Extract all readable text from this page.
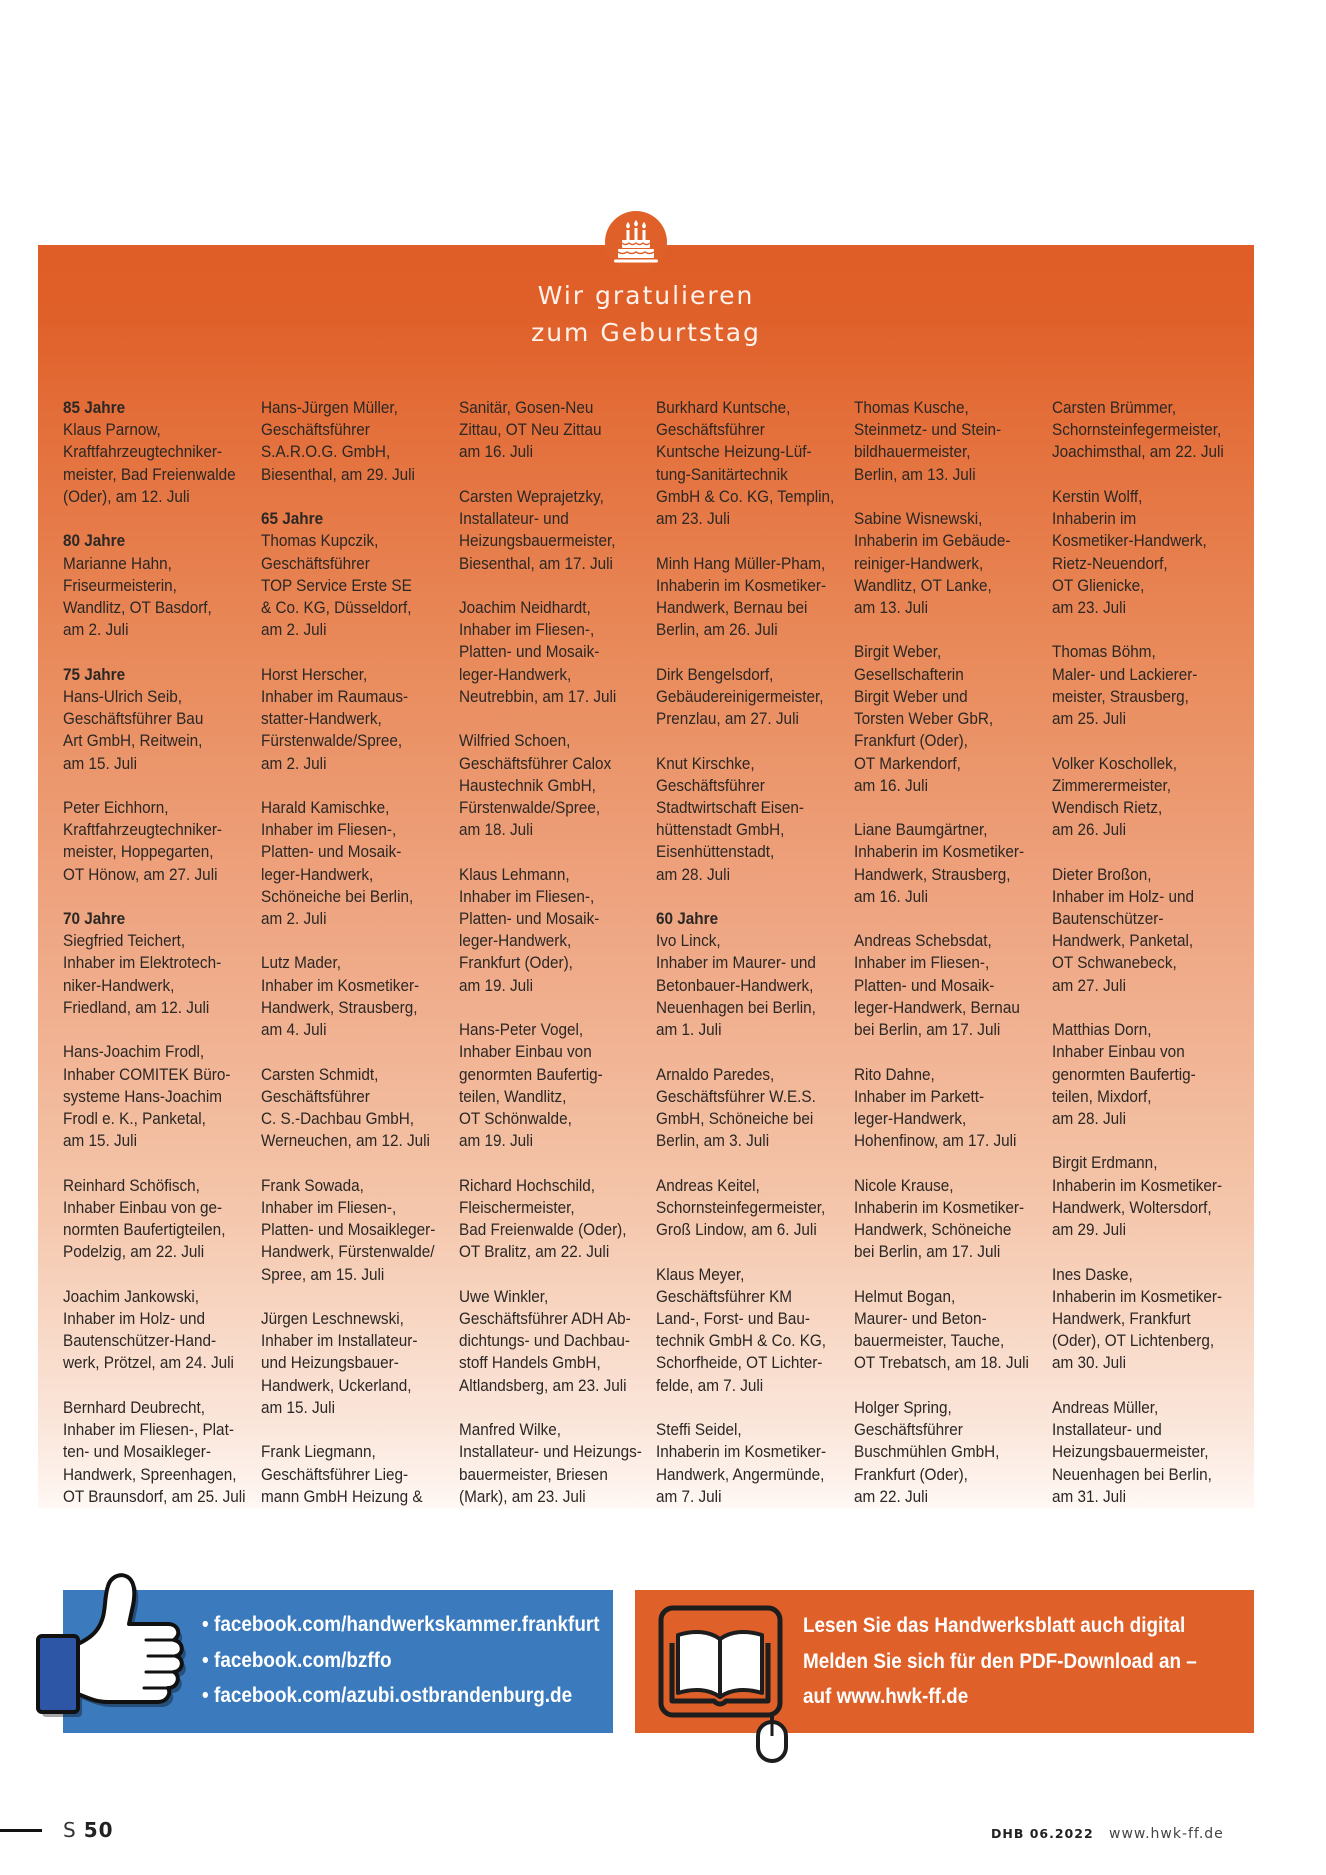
Wir gratulieren
zum Geburtstag
85 Jahre
Klaus Parnow,
Kraftfahrzeugtechniker-
meister, Bad Freienwalde
(Oder), am 12. Juli
80 Jahre
Marianne Hahn,
Friseurmeisterin,
Wandlitz, OT Basdorf,
am 2. Juli
75 Jahre
Hans-Ulrich Seib,
Geschäftsführer Bau
Art GmbH, Reitwein,
am 15. Juli
Peter Eichhorn,
Kraftfahrzeugtechniker-
meister, Hoppegarten,
OT Hönow, am 27. Juli
70 Jahre
Siegfried Teichert,
Inhaber im Elektrotech-
niker-Handwerk,
Friedland, am 12. Juli
Hans-Joachim Frodl,
Inhaber COMITEK Büro-
systeme Hans-Joachim
Frodl e. K., Panketal,
am 15. Juli
Reinhard Schöfisch,
Inhaber Einbau von ge-
normten Baufertigteilen,
Podelzig, am 22. Juli
Joachim Jankowski,
Inhaber im Holz- und
Bautenschützer-Hand-
werk, Prötzel, am 24. Juli
Bernhard Deubrecht,
Inhaber im Fliesen-, Plat-
ten- und Mosaikleger-
Handwerk, Spreenhagen,
OT Braunsdorf, am 25. Juli
Hans-Jürgen Müller,
Geschäftsführer
S.A.R.O.G. GmbH,
Biesenthal, am 29. Juli
65 Jahre
Thomas Kupczik,
Geschäftsführer
TOP Service Erste SE
& Co. KG, Düsseldorf,
am 2. Juli
Horst Herscher,
Inhaber im Raumaus-
statter-Handwerk,
Fürstenwalde/Spree,
am 2. Juli
Harald Kamischke,
Inhaber im Fliesen-,
Platten- und Mosaik-
leger-Handwerk,
Schöneiche bei Berlin,
am 2. Juli
Lutz Mader,
Inhaber im Kosmetiker-
Handwerk, Strausberg,
am 4. Juli
Carsten Schmidt,
Geschäftsführer
C. S.-Dachbau GmbH,
Werneuchen, am 12. Juli
Frank Sowada,
Inhaber im Fliesen-,
Platten- und Mosaikleger-
Handwerk, Fürstenwalde/
Spree, am 15. Juli
Jürgen Leschnewski,
Inhaber im Installateur-
und Heizungsbauer-
Handwerk, Uckerland,
am 15. Juli
Frank Liegmann,
Geschäftsführer Lieg-
mann GmbH Heizung &
Sanitär, Gosen-Neu
Zittau, OT Neu Zittau
am 16. Juli
Carsten Weprajetzky,
Installateur- und
Heizungsbauermeister,
Biesenthal, am 17. Juli
Joachim Neidhardt,
Inhaber im Fliesen-,
Platten- und Mosaik-
leger-Handwerk,
Neutrebbin, am 17. Juli
Wilfried Schoen,
Geschäftsführer Calox
Haustechnik GmbH,
Fürstenwalde/Spree,
am 18. Juli
Klaus Lehmann,
Inhaber im Fliesen-,
Platten- und Mosaik-
leger-Handwerk,
Frankfurt (Oder),
am 19. Juli
Hans-Peter Vogel,
Inhaber Einbau von
genormten Baufertig-
teilen, Wandlitz,
OT Schönwalde,
am 19. Juli
Richard Hochschild,
Fleischermeister,
Bad Freienwalde (Oder),
OT Bralitz, am 22. Juli
Uwe Winkler,
Geschäftsführer ADH Ab-
dichtungs- und Dachbau-
stoff Handels GmbH,
Altlandsberg, am 23. Juli
Manfred Wilke,
Installateur- und Heizungs-
bauermeister, Briesen
(Mark), am 23. Juli
Burkhard Kuntsche,
Geschäftsführer
Kuntsche Heizung-Lüf-
tung-Sanitärtechnik
GmbH & Co. KG, Templin,
am 23. Juli
Minh Hang Müller-Pham,
Inhaberin im Kosmetiker-
Handwerk, Bernau bei
Berlin, am 26. Juli
Dirk Bengelsdorf,
Gebäudereinigermeister,
Prenzlau, am 27. Juli
Knut Kirschke,
Geschäftsführer
Stadtwirtschaft Eisen-
hüttenstadt GmbH,
Eisenhüttenstadt,
am 28. Juli
60 Jahre
Ivo Linck,
Inhaber im Maurer- und
Betonbauer-Handwerk,
Neuenhagen bei Berlin,
am 1. Juli
Arnaldo Paredes,
Geschäftsführer W.E.S.
GmbH, Schöneiche bei
Berlin, am 3. Juli
Andreas Keitel,
Schornsteinfegermeister,
Groß Lindow, am 6. Juli
Klaus Meyer,
Geschäftsführer KM
Land-, Forst- und Bau-
technik GmbH & Co. KG,
Schorfheide, OT Lichter-
felde, am 7. Juli
Steffi Seidel,
Inhaberin im Kosmetiker-
Handwerk, Angermünde,
am 7. Juli
Thomas Kusche,
Steinmetz- und Stein-
bildhauermeister,
Berlin, am 13. Juli
Sabine Wisnewski,
Inhaberin im Gebäude-
reiniger-Handwerk,
Wandlitz, OT Lanke,
am 13. Juli
Birgit Weber,
Gesellschafterin
Birgit Weber und
Torsten Weber GbR,
Frankfurt (Oder),
OT Markendorf,
am 16. Juli
Liane Baumgärtner,
Inhaberin im Kosmetiker-
Handwerk, Strausberg,
am 16. Juli
Andreas Schebsdat,
Inhaber im Fliesen-,
Platten- und Mosaik-
leger-Handwerk, Bernau
bei Berlin, am 17. Juli
Rito Dahne,
Inhaber im Parkett-
leger-Handwerk,
Hohenfinow, am 17. Juli
Nicole Krause,
Inhaberin im Kosmetiker-
Handwerk, Schöneiche
bei Berlin, am 17. Juli
Helmut Bogan,
Maurer- und Beton-
bauermeister, Tauche,
OT Trebatsch, am 18. Juli
Holger Spring,
Geschäftsführer
Buschmühlen GmbH,
Frankfurt (Oder),
am 22. Juli
Carsten Brümmer,
Schornsteinfegermeister,
Joachimsthal, am 22. Juli
Kerstin Wolff,
Inhaberin im
Kosmetiker-Handwerk,
Rietz-Neuendorf,
OT Glienicke,
am 23. Juli
Thomas Böhm,
Maler- und Lackierer-
meister, Strausberg,
am 25. Juli
Volker Koschollek,
Zimmerermeister,
Wendisch Rietz,
am 26. Juli
Dieter Broßon,
Inhaber im Holz- und
Bautenschützer-
Handwerk, Panketal,
OT Schwanebeck,
am 27. Juli
Matthias Dorn,
Inhaber Einbau von
genormten Baufertig-
teilen, Mixdorf,
am 28. Juli
Birgit Erdmann,
Inhaberin im Kosmetiker-
Handwerk, Woltersdorf,
am 29. Juli
Ines Daske,
Inhaberin im Kosmetiker-
Handwerk, Frankfurt
(Oder), OT Lichtenberg,
am 30. Juli
Andreas Müller,
Installateur- und
Heizungsbauermeister,
Neuenhagen bei Berlin,
am 31. Juli
• facebook.com/handwerkskammer.frankfurt
• facebook.com/bzffo
• facebook.com/azubi.ostbrandenburg.de
Lesen Sie das Handwerksblatt auch digital
Melden Sie sich für den PDF-Download an –
auf www.hwk-ff.de
S 50	DHB 06.2022 www.hwk-ff.de
